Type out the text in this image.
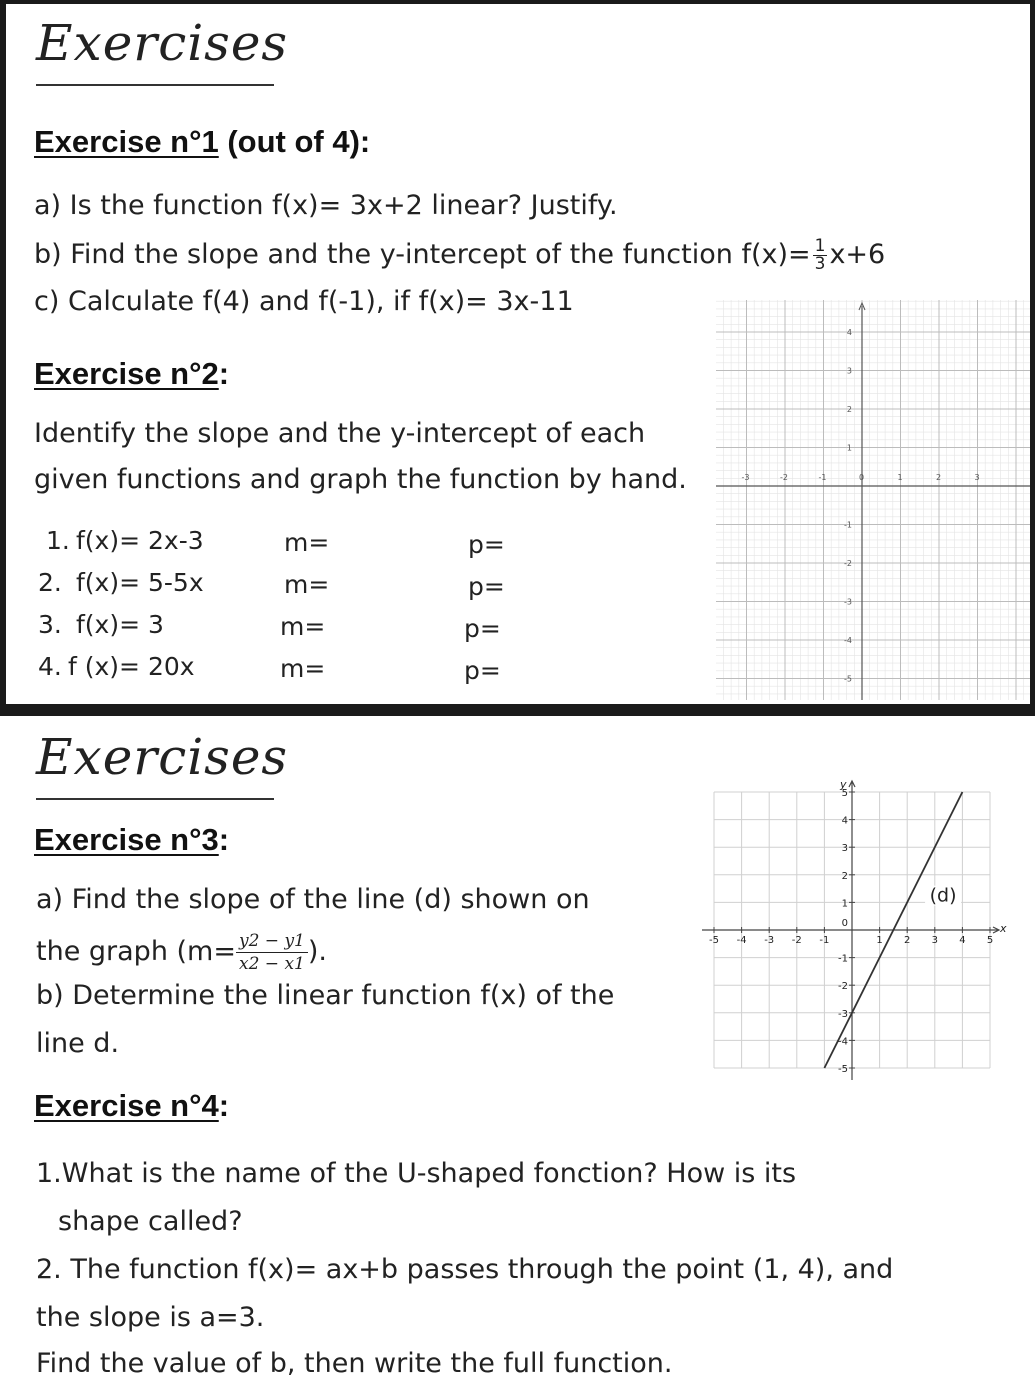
Exercises
Exercise n°1 (out of 4):
a) Is the function f(x)= 3x+2 linear? Justify.
b) Find the slope and the y-intercept of the function $f(x)= \frac{1}{3} x+6$
c) Calculate f(4) and f(-1), if f(x)= 3x-11
Exercise n°2:
Identify the slope and the y-intercept of each
given functions and graph the function by hand.
1. f(x)= 2x-3	m=	p=
2. f(x)= 5-5x	m=	p=
3. f(x)= 3	m=	p=
4. f (x)= 20x	m=	p=
-3	-2	-1	0	1	2	3
4
3
2
1
-1
-2
-3
-4
-5
Exercises
Exercise n°3:
a) Find the slope of the line (d) shown on
the graph ($m= \frac{y2 - y1}{x2 - x1}$ ).
b) Determine the linear function f(x) of the
line d.
Exercise n°4:
1.What is the name of the U-shaped fonction? How is its
shape called?
2. The function f(x)= ax+b passes through the point (1, 4), and
the slope is a=3.
Find the value of b, then write the full function.
x
y
-5 -4 -3 -2 -1	1 2 3 4 5
5
4
3
2
1
-1
-2
-3
-4
-5
0
(d)
